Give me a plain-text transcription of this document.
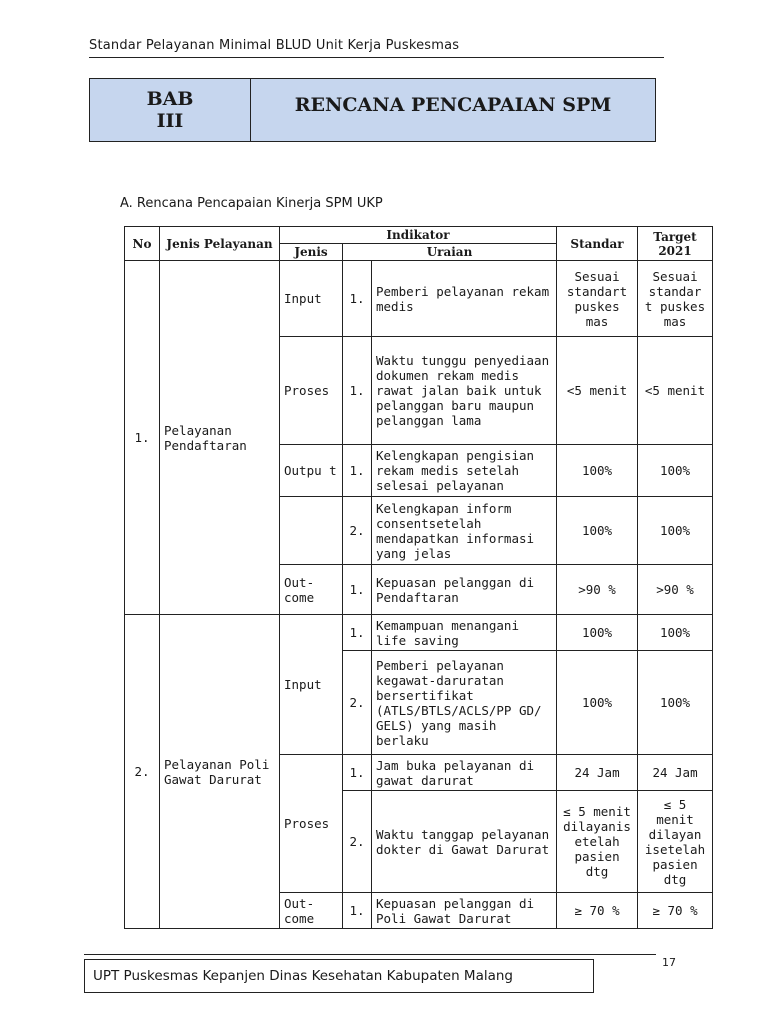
Standar Pelayanan Minimal BLUD Unit Kerja Puskesmas
BAB
III
RENCANA PENCAPAIAN SPM
A. Rencana Pencapaian Kinerja SPM UKP
No	Jenis Pelayanan	Indikator			Standar	Target 2021
		Jenis	Uraian			
1.	Pelayanan Pendaftaran	Input	1.	Pemberi pelayanan rekam medis	Sesuai standart puskes mas	Sesuai standar t puskes mas
		Proses	1.	Waktu tunggu penyediaan dokumen rekam medis rawat jalan baik untuk pelanggan baru maupun pelanggan lama	<5 menit	<5 menit
		Outpu t	1.	Kelengkapan pengisian rekam medis setelah selesai pelayanan	100%	100%
			2.	Kelengkapan inform consentsetelah mendapatkan informasi yang jelas	100%	100%
		Out-come	1.	Kepuasan pelanggan di Pendaftaran	>90 %	>90 %
2.	Pelayanan Poli Gawat Darurat	Input	1.	Kemampuan menangani life saving	100%	100%
			2.	Pemberi pelayanan kegawat-daruratan bersertifikat (ATLS/BTLS/ACLS/PP GD/ GELS) yang masih berlaku	100%	100%
		Proses	1.	Jam buka pelayanan di gawat darurat	24 Jam	24 Jam
			2.	Waktu tanggap pelayanan dokter di Gawat Darurat	≤ 5 menit dilayanis etelah pasien dtg	≤ 5 menit dilayan isetelah pasien dtg
		Out-come	1.	Kepuasan pelanggan di Poli Gawat Darurat	≥ 70 %	≥ 70 %
17
UPT Puskesmas Kepanjen Dinas Kesehatan Kabupaten Malang
